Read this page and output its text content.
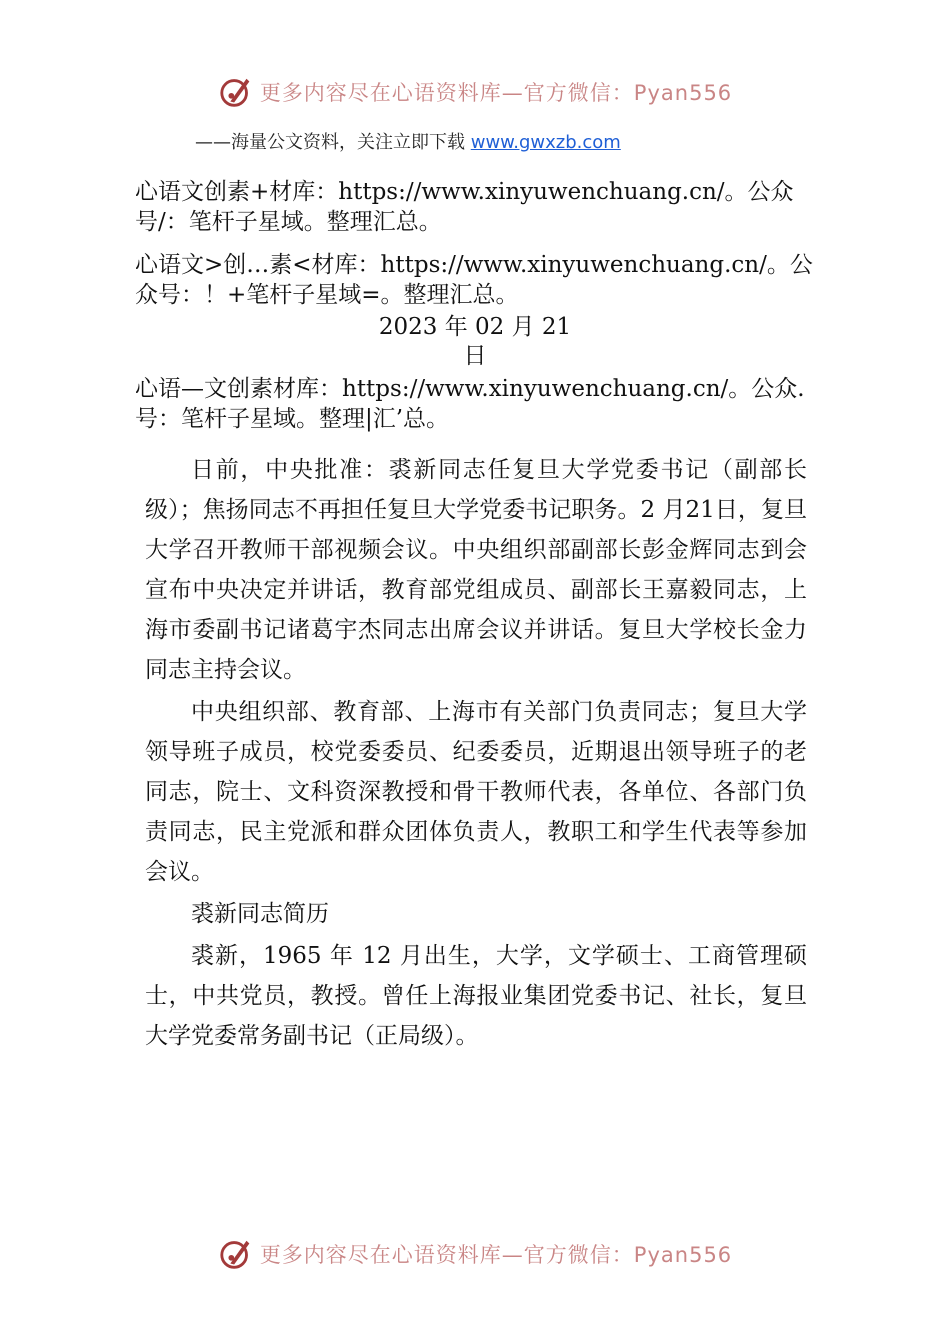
更多内容尽在心语资料库—官方微信：Pyan556
——海量公文资料，关注立即下载 www.gwxzb.com
心语文创素+材库：https://www.xinyuwenchuang.cn/。公众号/：笔杆子星域。整理汇总。
心语文>创…素<材库：https://www.xinyuwenchuang.cn/。公众号：！+笔杆子星域=。整理汇总。
2023 年 02 月 21
日
心语—文创素材库：https://www.xinyuwenchuang.cn/。公众.号：笔杆子星域。整理|汇’总。

日前，中央批准：裘新同志任复旦大学党委书记（副部长级）；焦扬同志不再担任复旦大学党委书记职务。2 月21日，复旦大学召开教师干部视频会议。中央组织部副部长彭金辉同志到会宣布中央决定并讲话，教育部党组成员、副部长王嘉毅同志，上海市委副书记诸葛宇杰同志出席会议并讲话。复旦大学校长金力同志主持会议。

中央组织部、教育部、上海市有关部门负责同志；复旦大学领导班子成员，校党委委员、纪委委员，近期退出领导班子的老同志，院士、文科资深教授和骨干教师代表，各单位、各部门负责同志，民主党派和群众团体负责人，教职工和学生代表等参加会议。

裘新同志简历

裘新，1965 年 12 月出生，大学，文学硕士、工商管理硕士，中共党员，教授。曾任上海报业集团党委书记、社长，复旦大学党委常务副书记（正局级）。

更多内容尽在心语资料库—官方微信：Pyan556
